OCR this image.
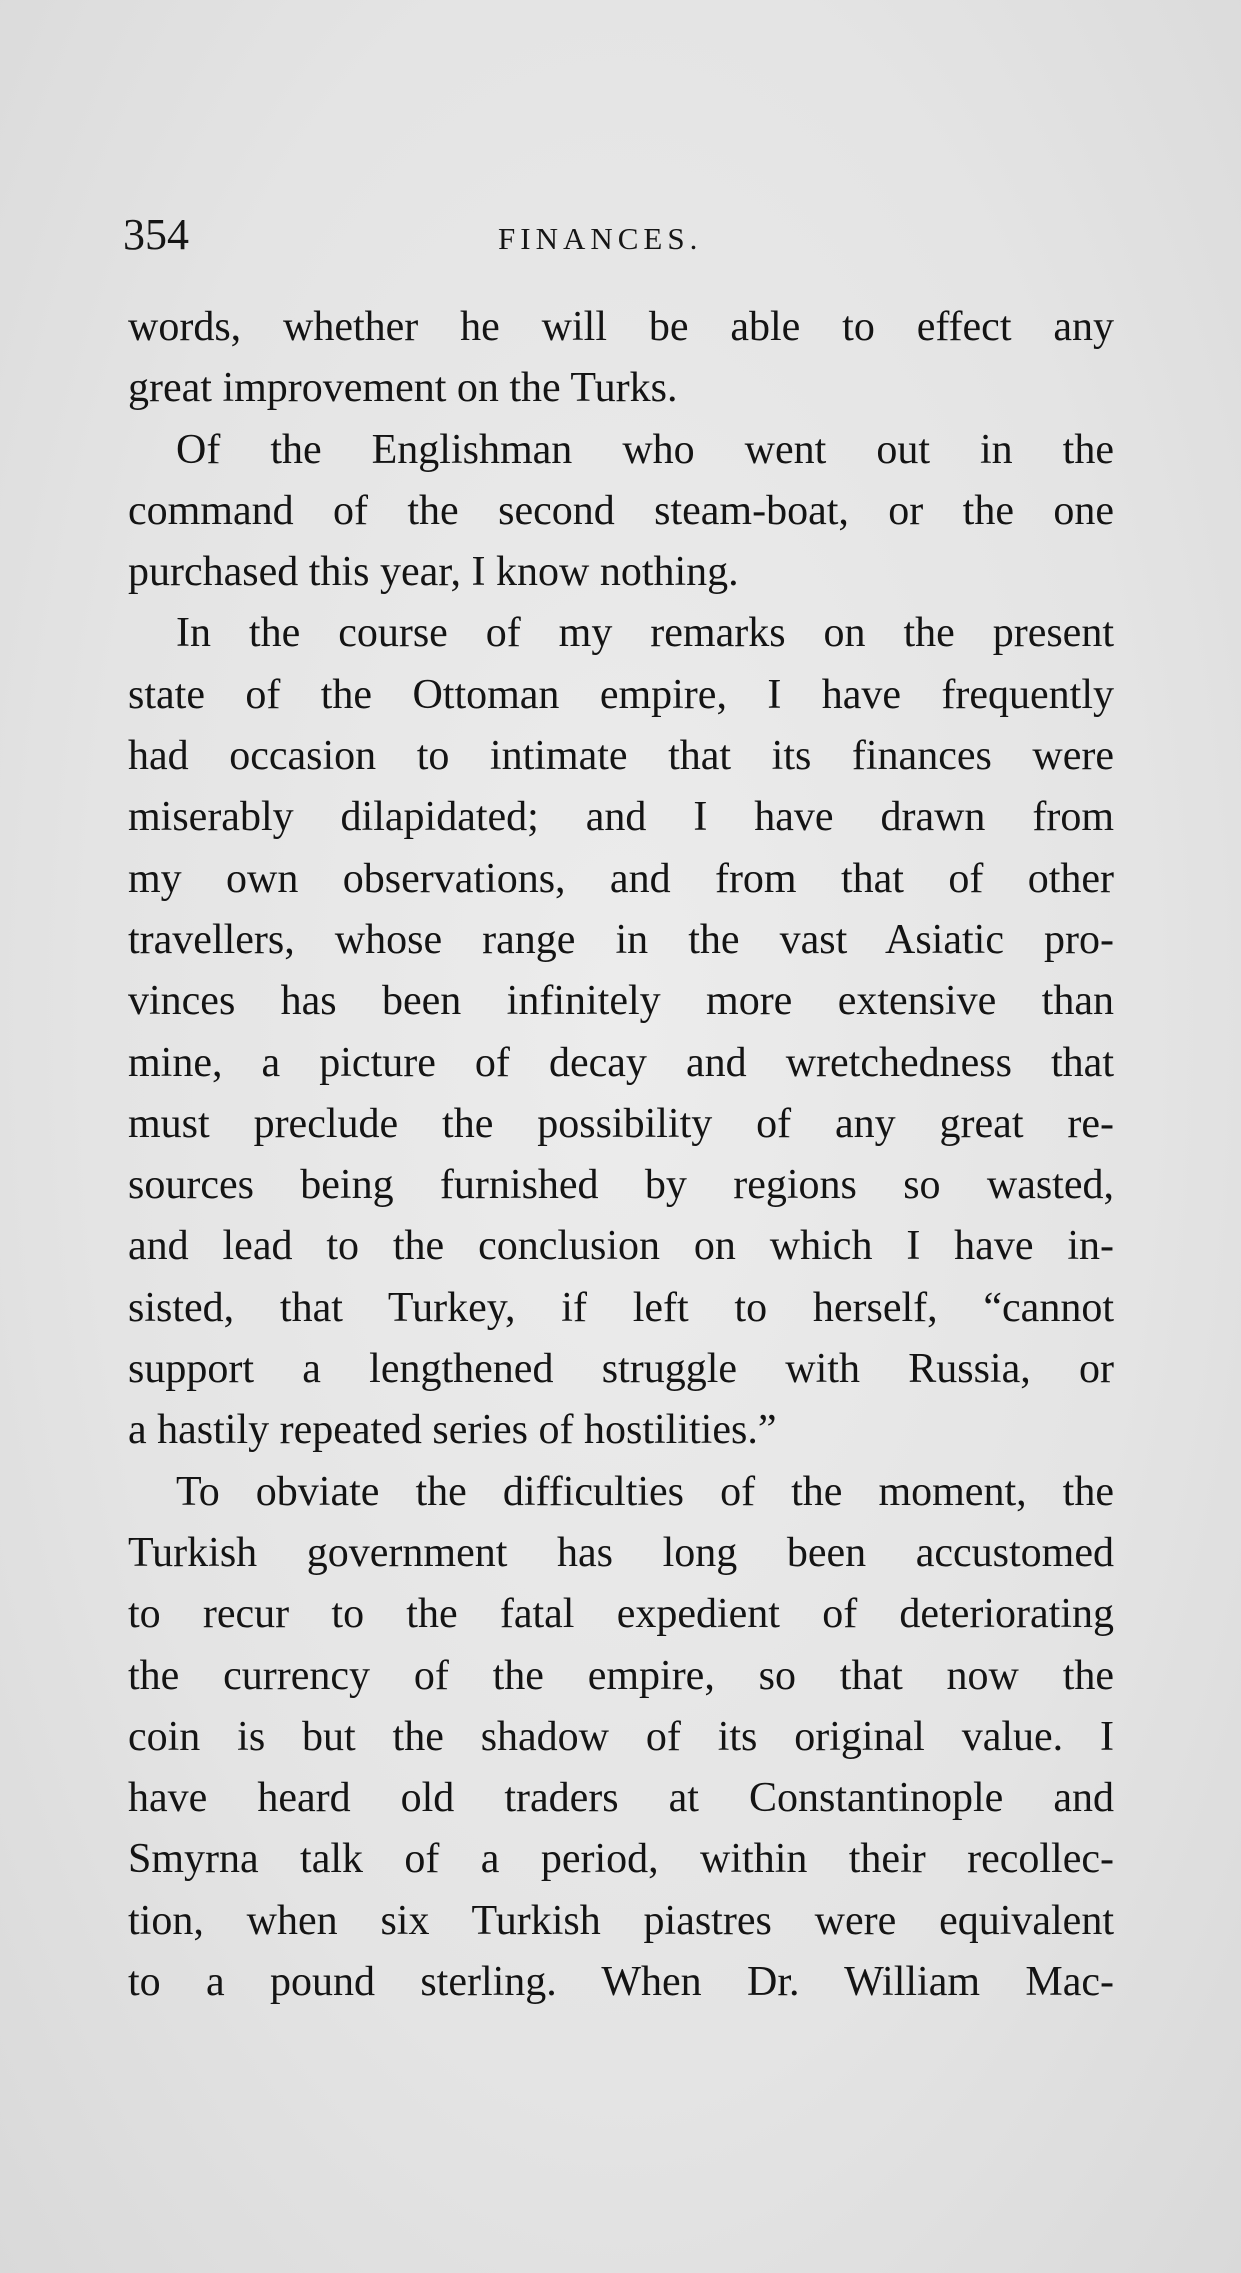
354	FINANCES.
words, whether he will be able to effect any
great improvement on the Turks.
Of the Englishman who went out in the
command of the second steam-boat, or the one
purchased this year, I know nothing.
In the course of my remarks on the present
state of the Ottoman empire, I have frequently
had occasion to intimate that its finances were
miserably dilapidated; and I have drawn from
my own observations, and from that of other
travellers, whose range in the vast Asiatic pro-
vinces has been infinitely more extensive than
mine, a picture of decay and wretchedness that
must preclude the possibility of any great re-
sources being furnished by regions so wasted,
and lead to the conclusion on which I have in-
sisted, that Turkey, if left to herself, “cannot
support a lengthened struggle with Russia, or
a hastily repeated series of hostilities.”
To obviate the difficulties of the moment, the
Turkish government has long been accustomed
to recur to the fatal expedient of deteriorating
the currency of the empire, so that now the
coin is but the shadow of its original value. I
have heard old traders at Constantinople and
Smyrna talk of a period, within their recollec-
tion, when six Turkish piastres were equivalent
to a pound sterling. When Dr. William Mac-
